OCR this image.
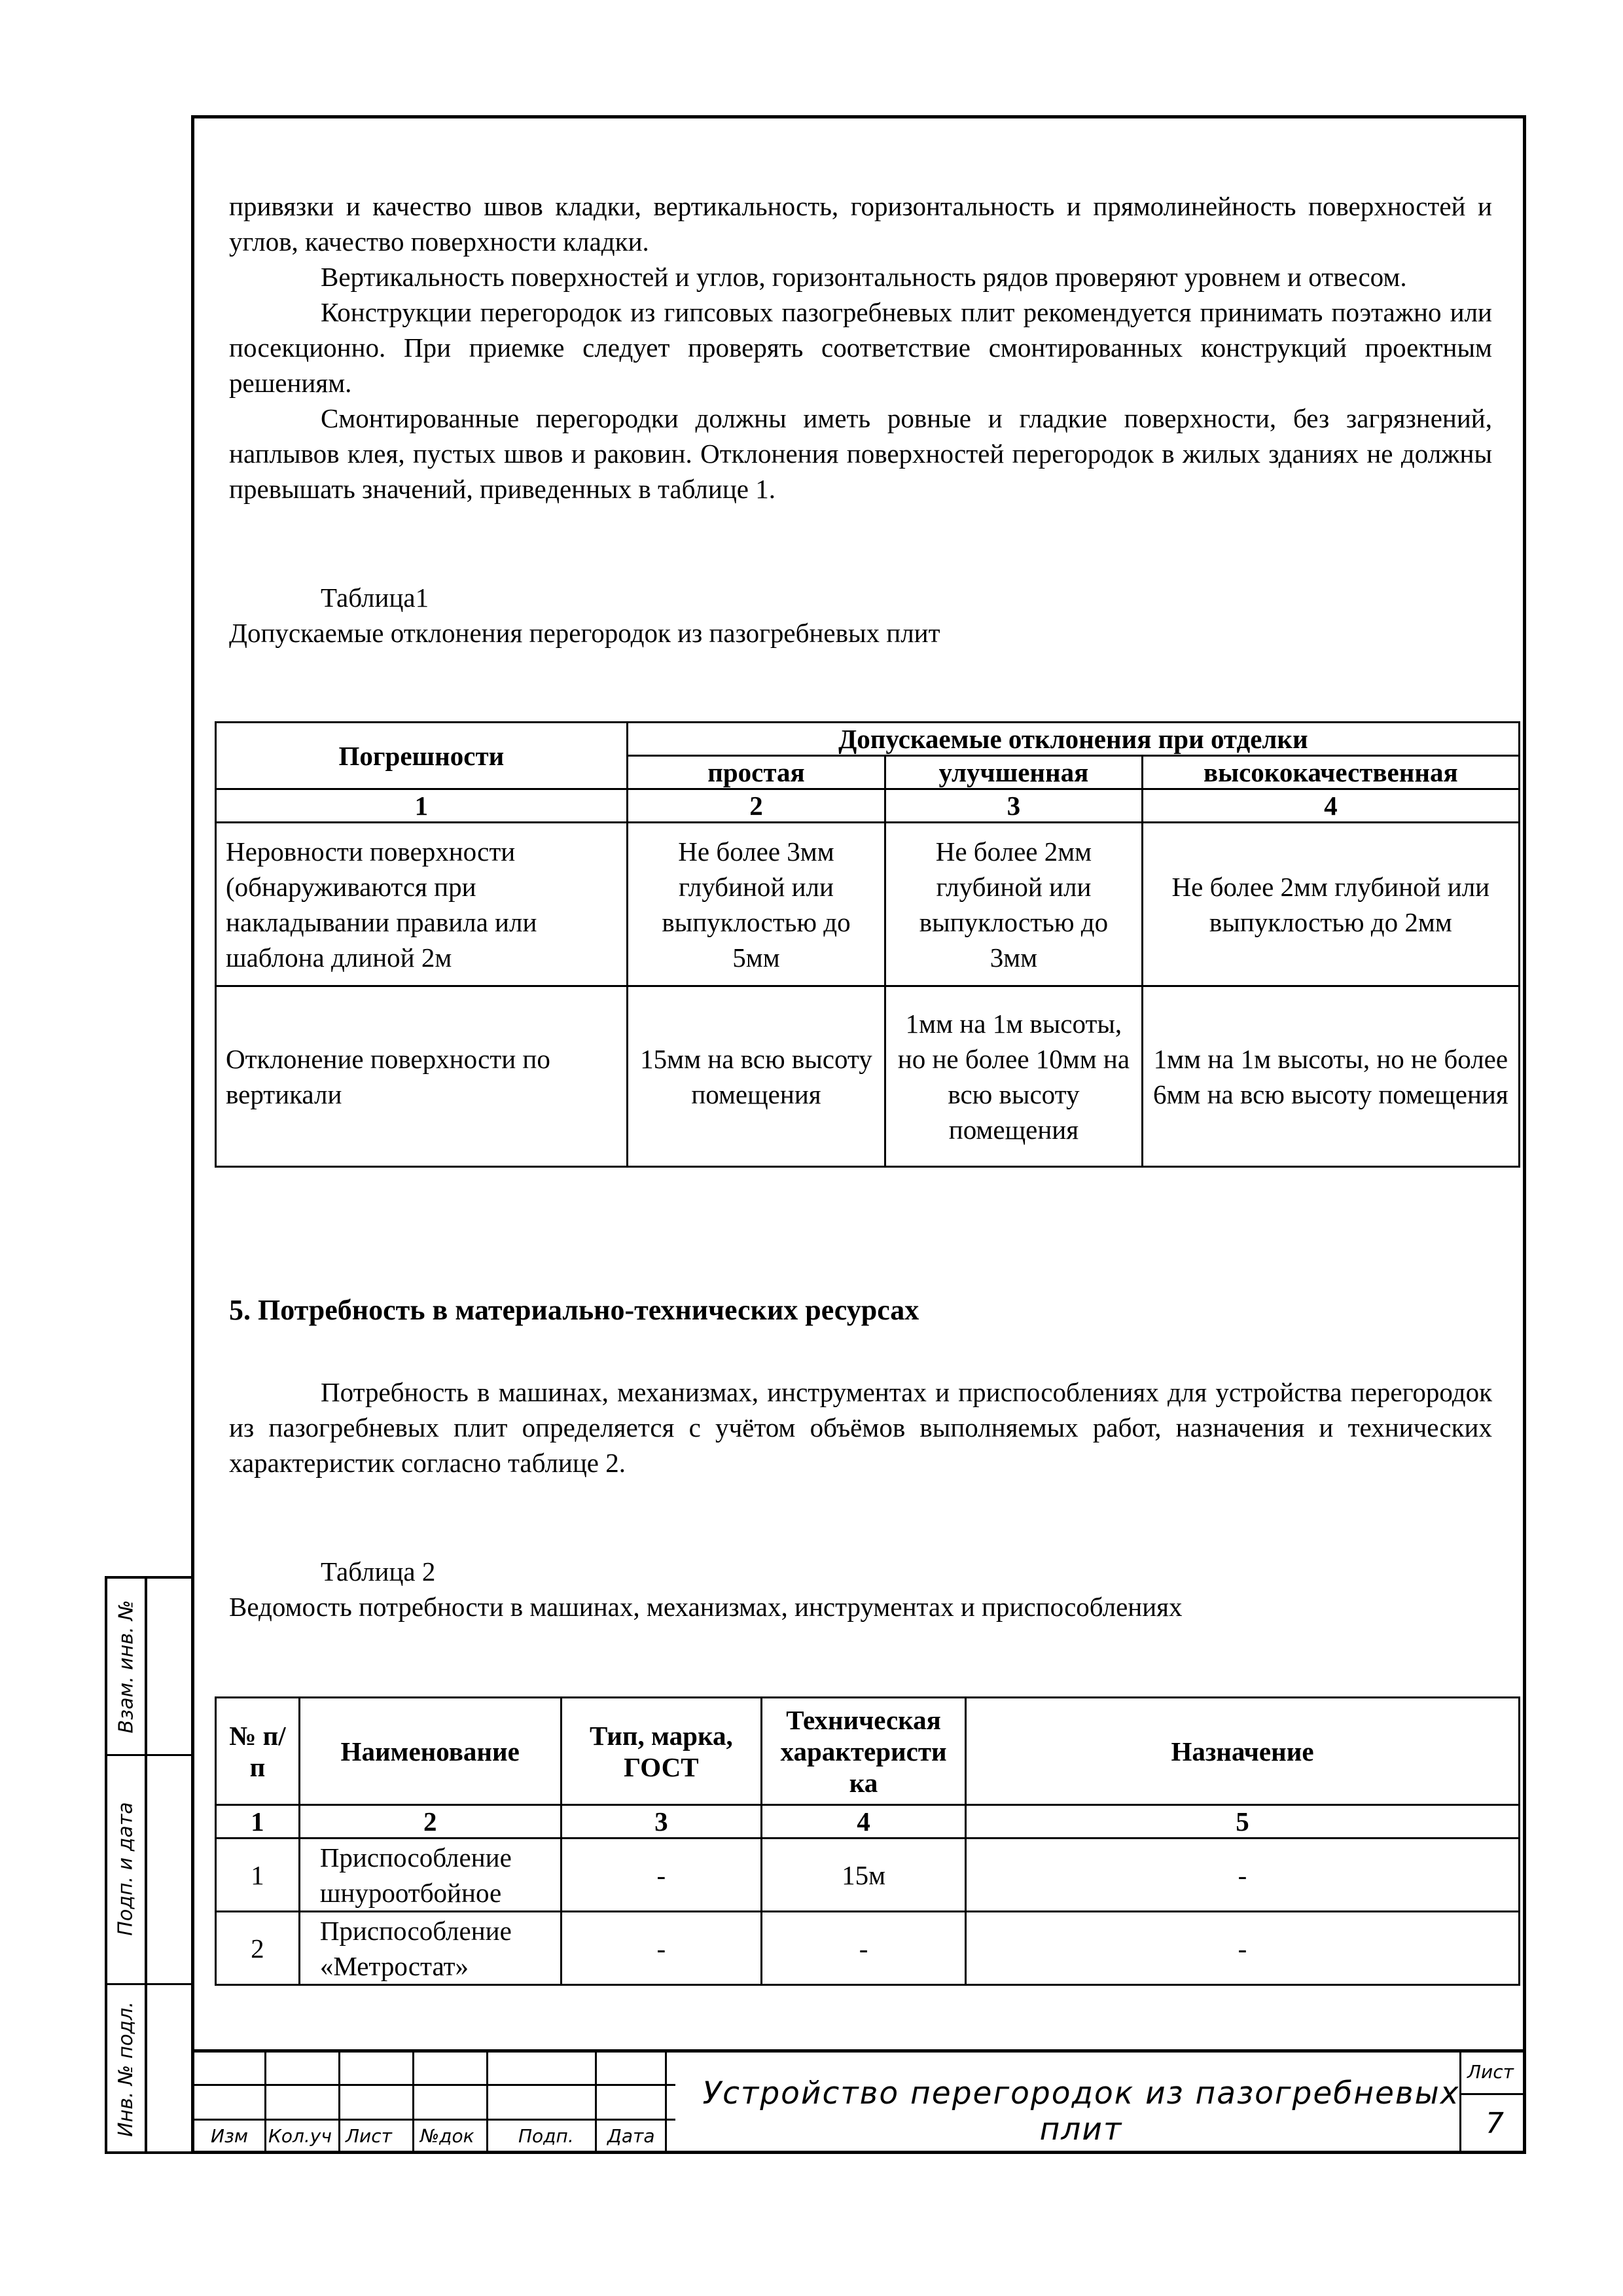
привязки и качество швов кладки, вертикальность, горизонтальность и прямолинейность поверхностей и углов, качество поверхности кладки.

Вертикальность поверхностей и углов, горизонтальность рядов проверяют уровнем и отвесом.

Конструкции перегородок из гипсовых пазогребневых плит рекомендуется принимать поэтажно или посекционно. При приемке следует проверять соответствие смонтированных конструкций проектным решениям.

Смонтированные перегородки должны иметь ровные и гладкие поверхности, без загрязнений, наплывов клея, пустых швов и раковин. Отклонения поверхностей перегородок в жилых зданиях не должны превышать значений, приведенных в таблице 1.

Таблица1
Допускаемые отклонения перегородок из пазогребневых плит
Погрешности	Допускаемые отклонения при отделки		
	простая	улучшенная	высококачественная
1	2	3	4
Неровности поверхности (обнаруживаются при накладывании правила или шаблона длиной 2м	Не более 3мм глубиной или выпуклостью до 5мм	Не более 2мм глубиной или выпуклостью до 3мм	Не более 2мм глубиной или выпуклостью до 2мм
Отклонение поверхности по вертикали	15мм на всю высоту помещения	1мм на 1м высоты, но не более 10мм на всю высоту помещения	1мм на 1м высоты, но не более 6мм на всю высоту помещения
5. Потребность в материально-технических ресурсах

Потребность в машинах, механизмах, инструментах и приспособлениях для устройства перегородок из пазогребневых плит определяется с учётом объёмов выполняемых работ, назначения и технических характеристик согласно таблице 2.

Таблица 2
Ведомость потребности в машинах, механизмах, инструментах и приспособлениях
№ п/п	Наименование	Тип, марка, ГОСТ	Техническая характеристи ка	Назначение
1	2	3	4	5
1	Приспособление шнуроотбойное	-	15м	-
2	Приспособление «Метростат»	-	-	-
Взам. инв. №
Подп. и дата
Инв. № подл.	Изм Кол.уч Лист №док Подп. Дата
Устройство перегородок из пазогребневых плит
Лист
7
